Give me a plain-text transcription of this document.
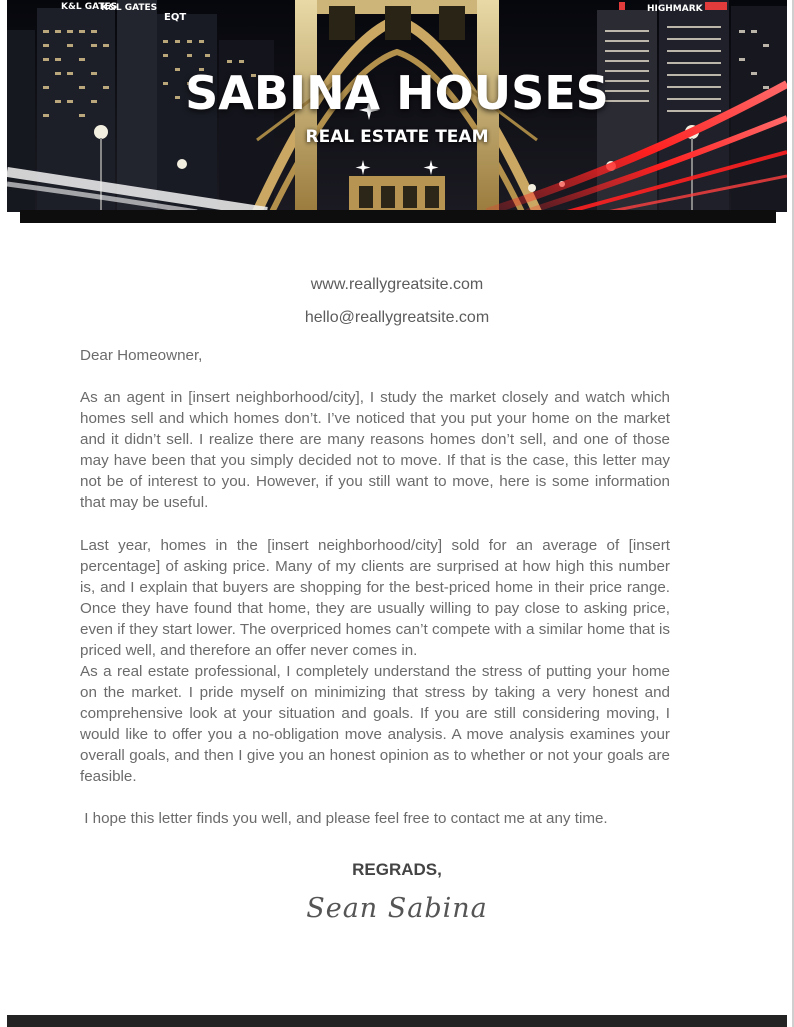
K&L GATES
K&L GATES
EQT
HIGHMARK
SABINA HOUSES
REAL ESTATE TEAM
www.reallygreatsite.com
hello@reallygreatsite.com
Dear Homeowner,

As an agent in [insert neighborhood/city], I study the market closely and watch which homes sell and which homes don’t. I’ve noticed that you put your home on the market and it didn’t sell. I realize there are many reasons homes don’t sell, and one of those may have been that you simply decided not to move. If that is the case, this letter may not be of interest to you. However, if you still want to move, here is some information that may be useful.

Last year, homes in the [insert neighborhood/city] sold for an average of [insert percentage] of asking price. Many of my clients are surprised at how high this number is, and I explain that buyers are shopping for the best-priced home in their price range. Once they have found that home, they are usually willing to pay close to asking price, even if they start lower. The overpriced homes can’t compete with a similar home that is priced well, and therefore an offer never comes in.

As a real estate professional, I completely understand the stress of putting your home on the market. I pride myself on minimizing that stress by taking a very honest and comprehensive look at your situation and goals. If you are still considering moving, I would like to offer you a no-obligation move analysis. A move analysis examines your overall goals, and then I give you an honest opinion as to whether or not your goals are feasible.

I hope this letter finds you well, and please feel free to contact me at any time.

REGRADS,
Sean Sabina
